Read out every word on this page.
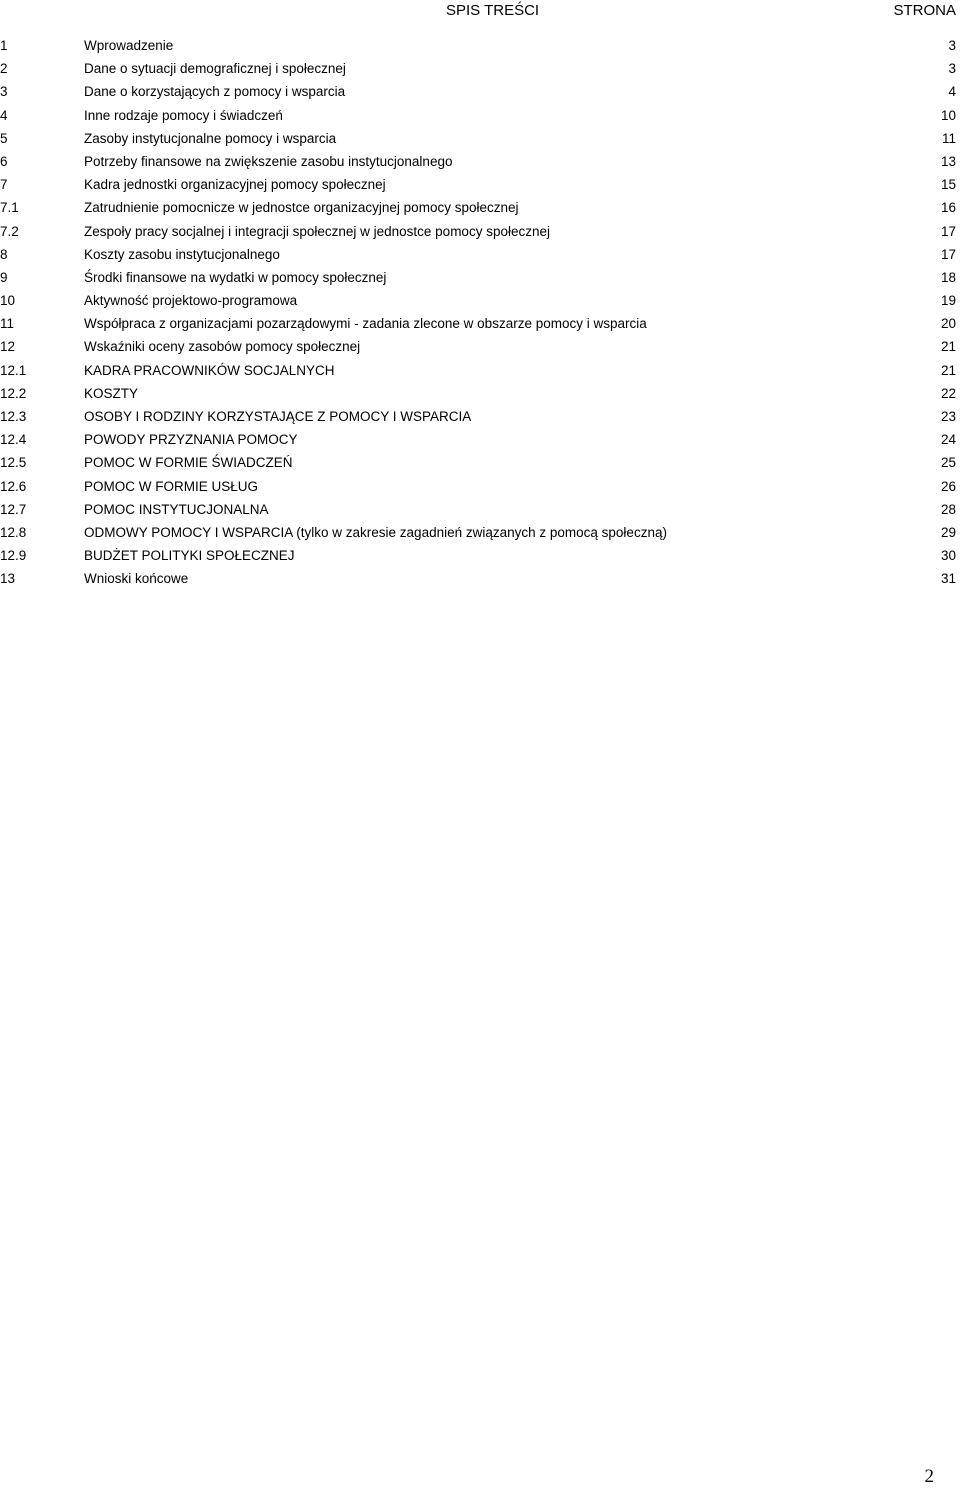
SPIS TREŚCI	STRONA
1	Wprowadzenie	3
2	Dane o sytuacji demograficznej i społecznej	3
3	Dane o korzystających z pomocy i wsparcia	4
4	Inne rodzaje pomocy i świadczeń	10
5	Zasoby instytucjonalne pomocy i wsparcia	11
6	Potrzeby finansowe na zwiększenie zasobu instytucjonalnego	13
7	Kadra jednostki organizacyjnej pomocy społecznej	15
7.1	Zatrudnienie pomocnicze w jednostce organizacyjnej pomocy społecznej	16
7.2	Zespoły pracy socjalnej i integracji społecznej w jednostce pomocy społecznej	17
8	Koszty zasobu instytucjonalnego	17
9	Środki finansowe na wydatki w pomocy społecznej	18
10	Aktywność projektowo-programowa	19
11	Współpraca z organizacjami pozarządowymi - zadania zlecone w obszarze pomocy i wsparcia	20
12	Wskaźniki oceny zasobów pomocy społecznej	21
12.1	KADRA PRACOWNIKÓW SOCJALNYCH	21
12.2	KOSZTY	22
12.3	OSOBY I RODZINY KORZYSTAJĄCE Z POMOCY I WSPARCIA	23
12.4	POWODY PRZYZNANIA POMOCY	24
12.5	POMOC W FORMIE ŚWIADCZEŃ	25
12.6	POMOC W FORMIE USŁUG	26
12.7	POMOC INSTYTUCJONALNA	28
12.8	ODMOWY POMOCY I WSPARCIA (tylko w zakresie zagadnień związanych z pomocą społeczną)	29
12.9	BUDŻET POLITYKI SPOŁECZNEJ	30
13	Wnioski końcowe	31
2
